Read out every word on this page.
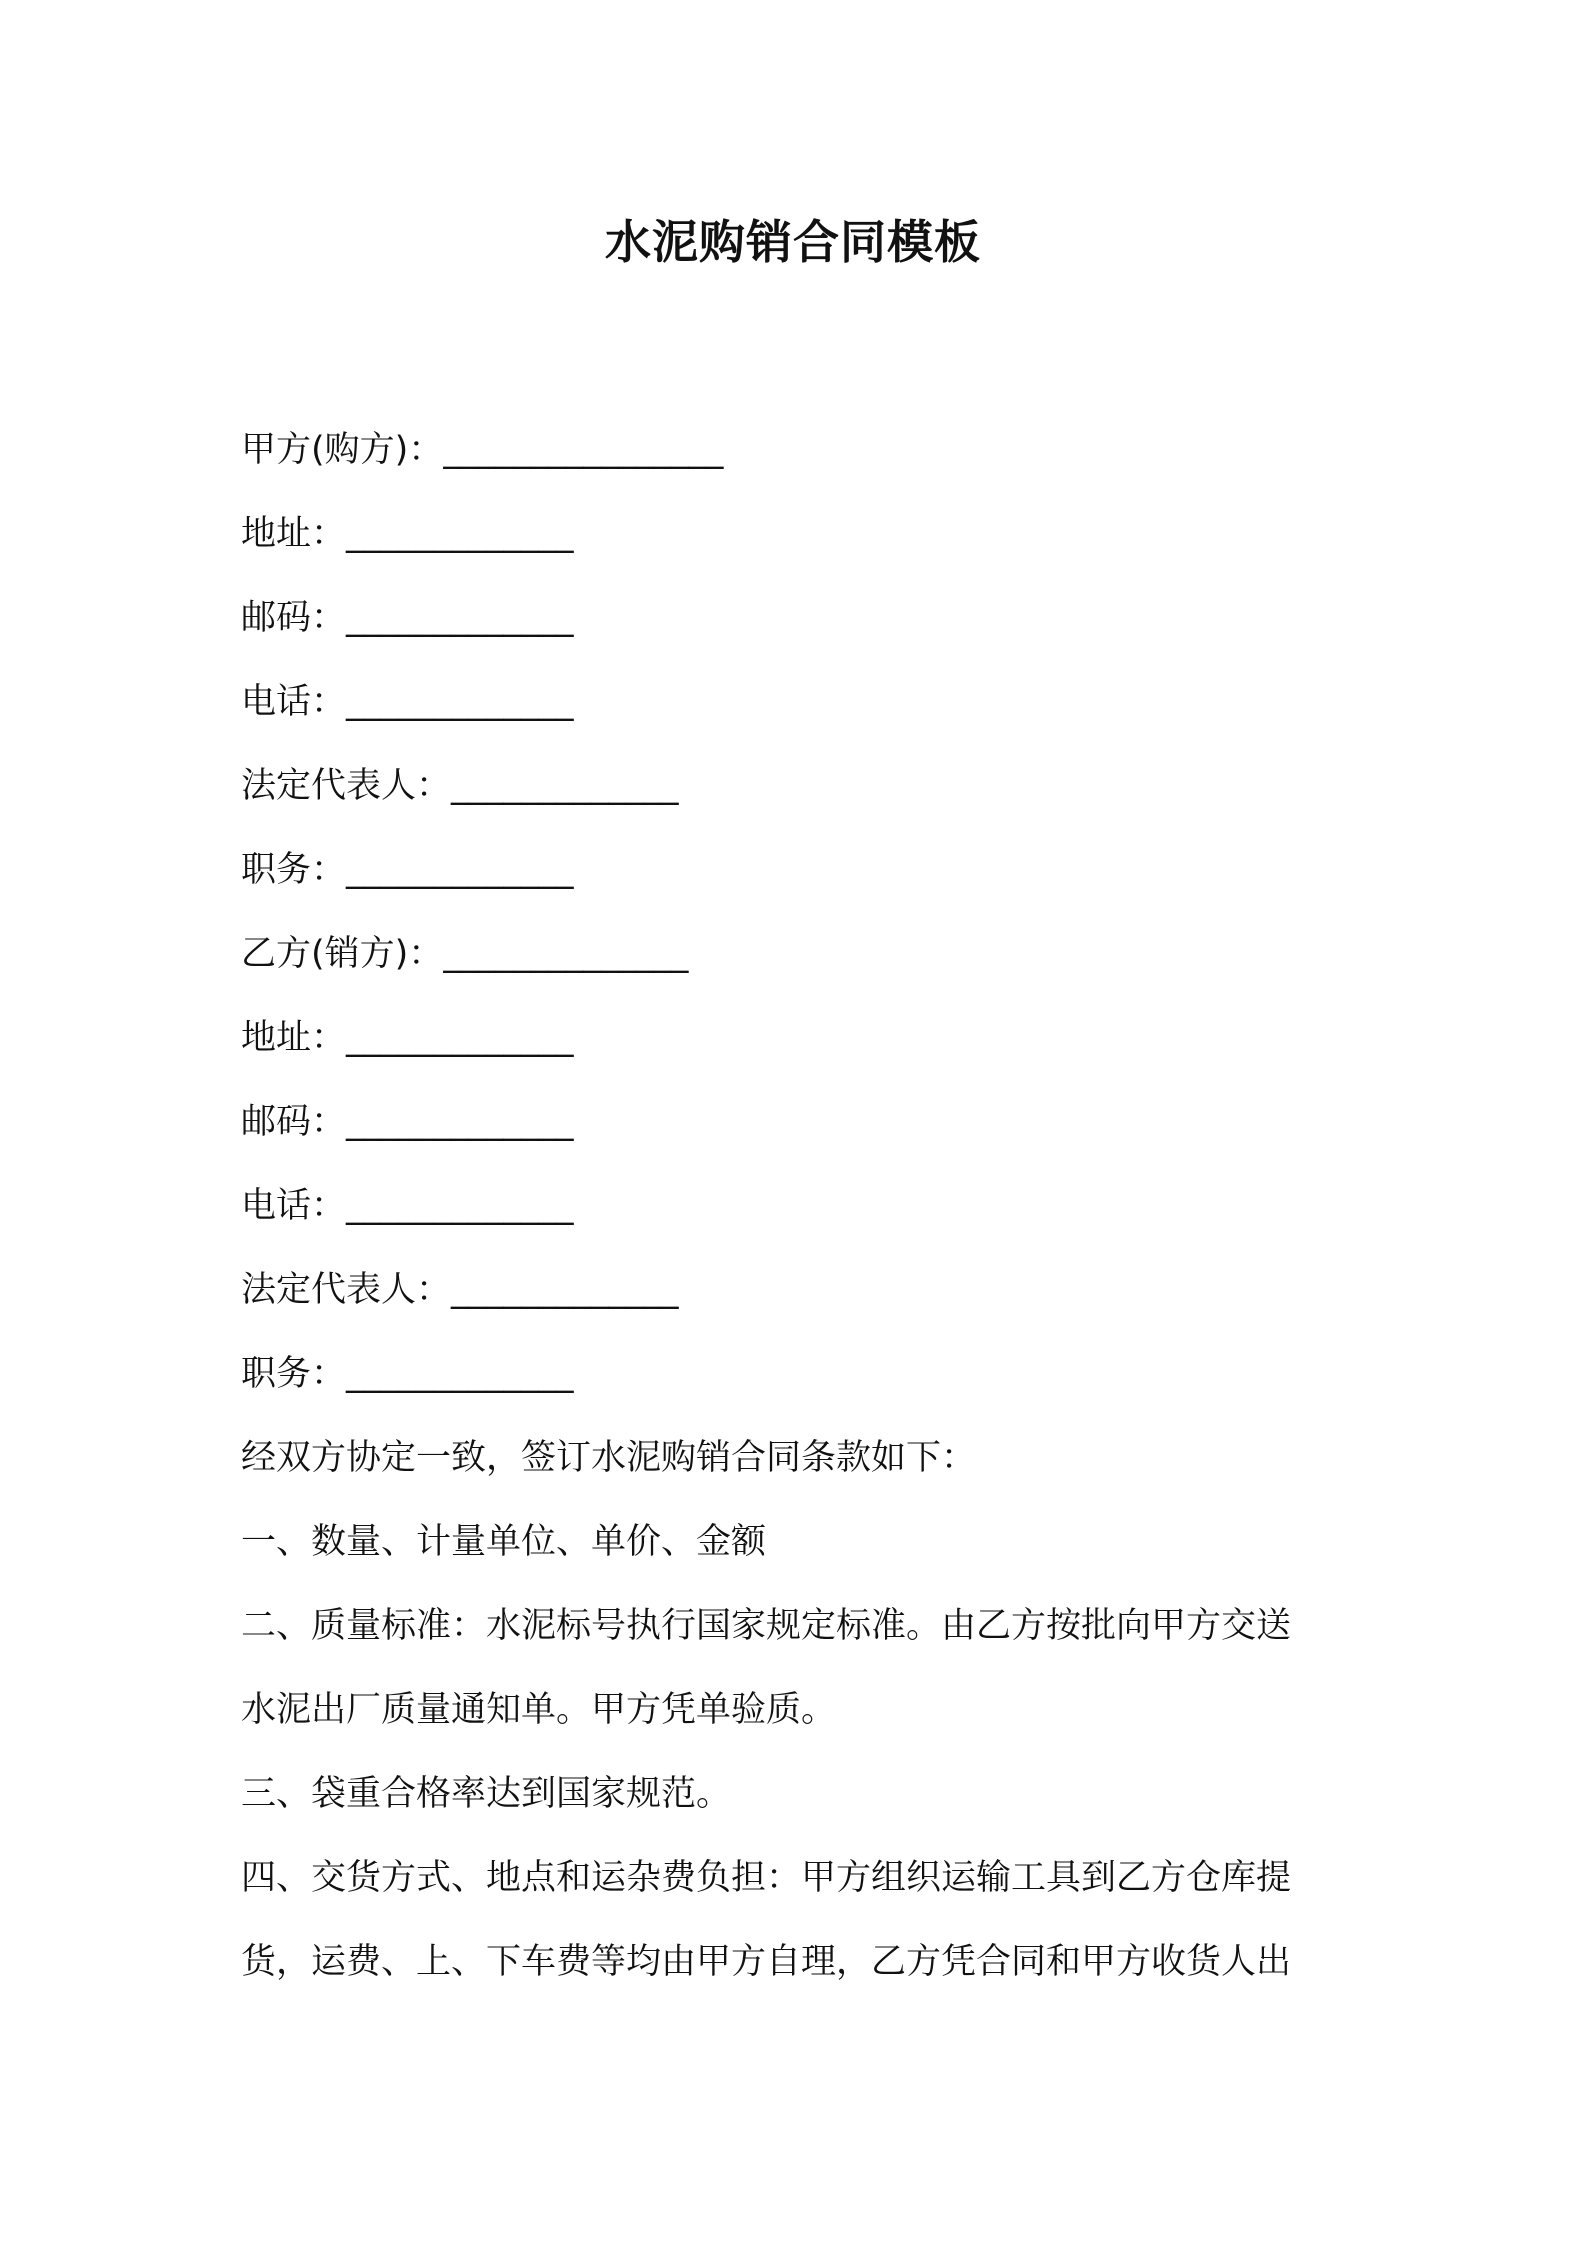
水泥购销合同模板
甲方(购方)：________________
地址：_____________
邮码：_____________
电话：_____________
法定代表人：_____________
职务：_____________
乙方(销方)：______________
地址：_____________
邮码：_____________
电话：_____________
法定代表人：_____________
职务：_____________
经双方协定一致，签订水泥购销合同条款如下：
一、数量、计量单位、单价、金额
二、质量标准：水泥标号执行国家规定标准。由乙方按批向甲方交送
水泥出厂质量通知单。甲方凭单验质。
三、袋重合格率达到国家规范。
四、交货方式、地点和运杂费负担：甲方组织运输工具到乙方仓库提
货，运费、上、下车费等均由甲方自理，乙方凭合同和甲方收货人出
